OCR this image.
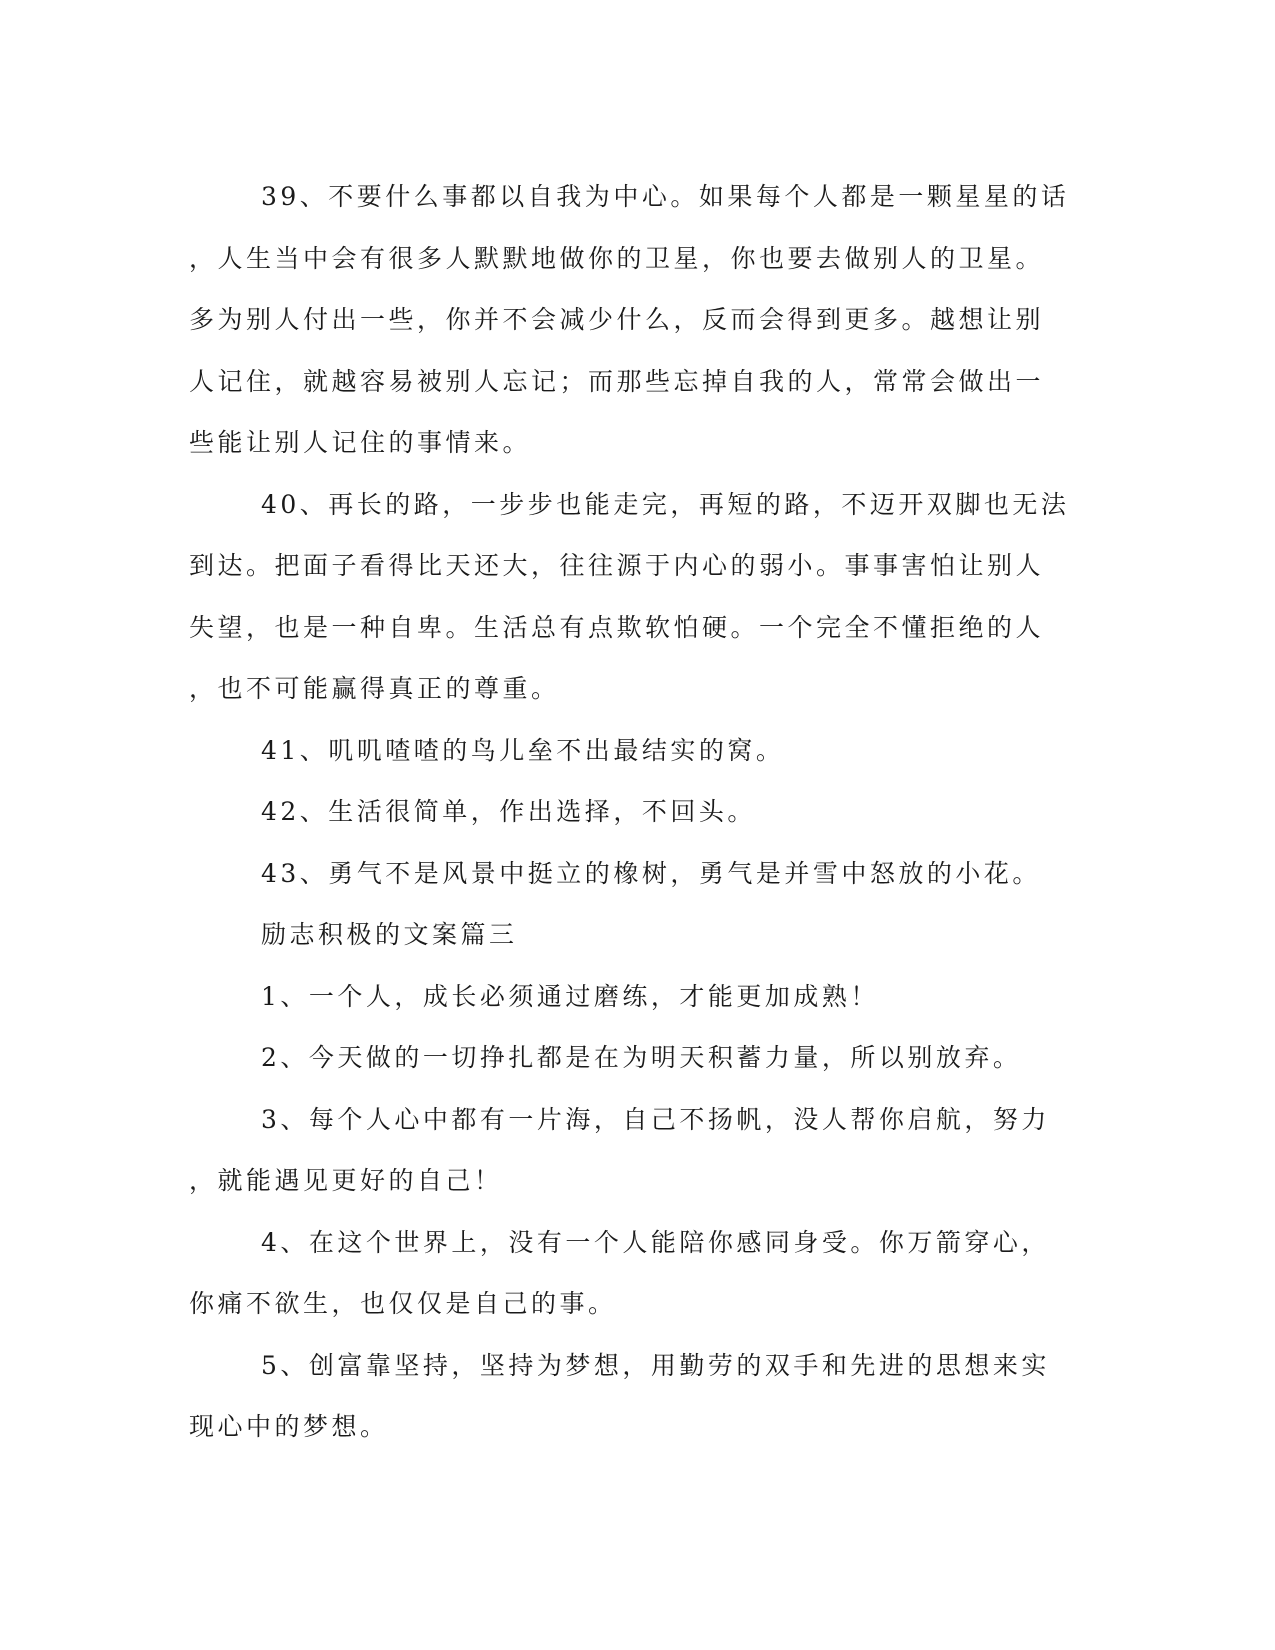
39、不要什么事都以自我为中心。如果每个人都是一颗星星的话
，人生当中会有很多人默默地做你的卫星，你也要去做别人的卫星。
多为别人付出一些，你并不会减少什么，反而会得到更多。越想让别
人记住，就越容易被别人忘记；而那些忘掉自我的人，常常会做出一
些能让别人记住的事情来。

40、再长的路，一步步也能走完，再短的路，不迈开双脚也无法
到达。把面子看得比天还大，往往源于内心的弱小。事事害怕让别人
失望，也是一种自卑。生活总有点欺软怕硬。一个完全不懂拒绝的人
，也不可能赢得真正的尊重。

41、叽叽喳喳的鸟儿垒不出最结实的窝。

42、生活很简单，作出选择，不回头。

43、勇气不是风景中挺立的橡树，勇气是并雪中怒放的小花。

励志积极的文案篇三

1、一个人，成长必须通过磨练，才能更加成熟！

2、今天做的一切挣扎都是在为明天积蓄力量，所以别放弃。

3、每个人心中都有一片海，自己不扬帆，没人帮你启航，努力
，就能遇见更好的自己！

4、在这个世界上，没有一个人能陪你感同身受。你万箭穿心，
你痛不欲生，也仅仅是自己的事。

5、创富靠坚持，坚持为梦想，用勤劳的双手和先进的思想来实
现心中的梦想。
